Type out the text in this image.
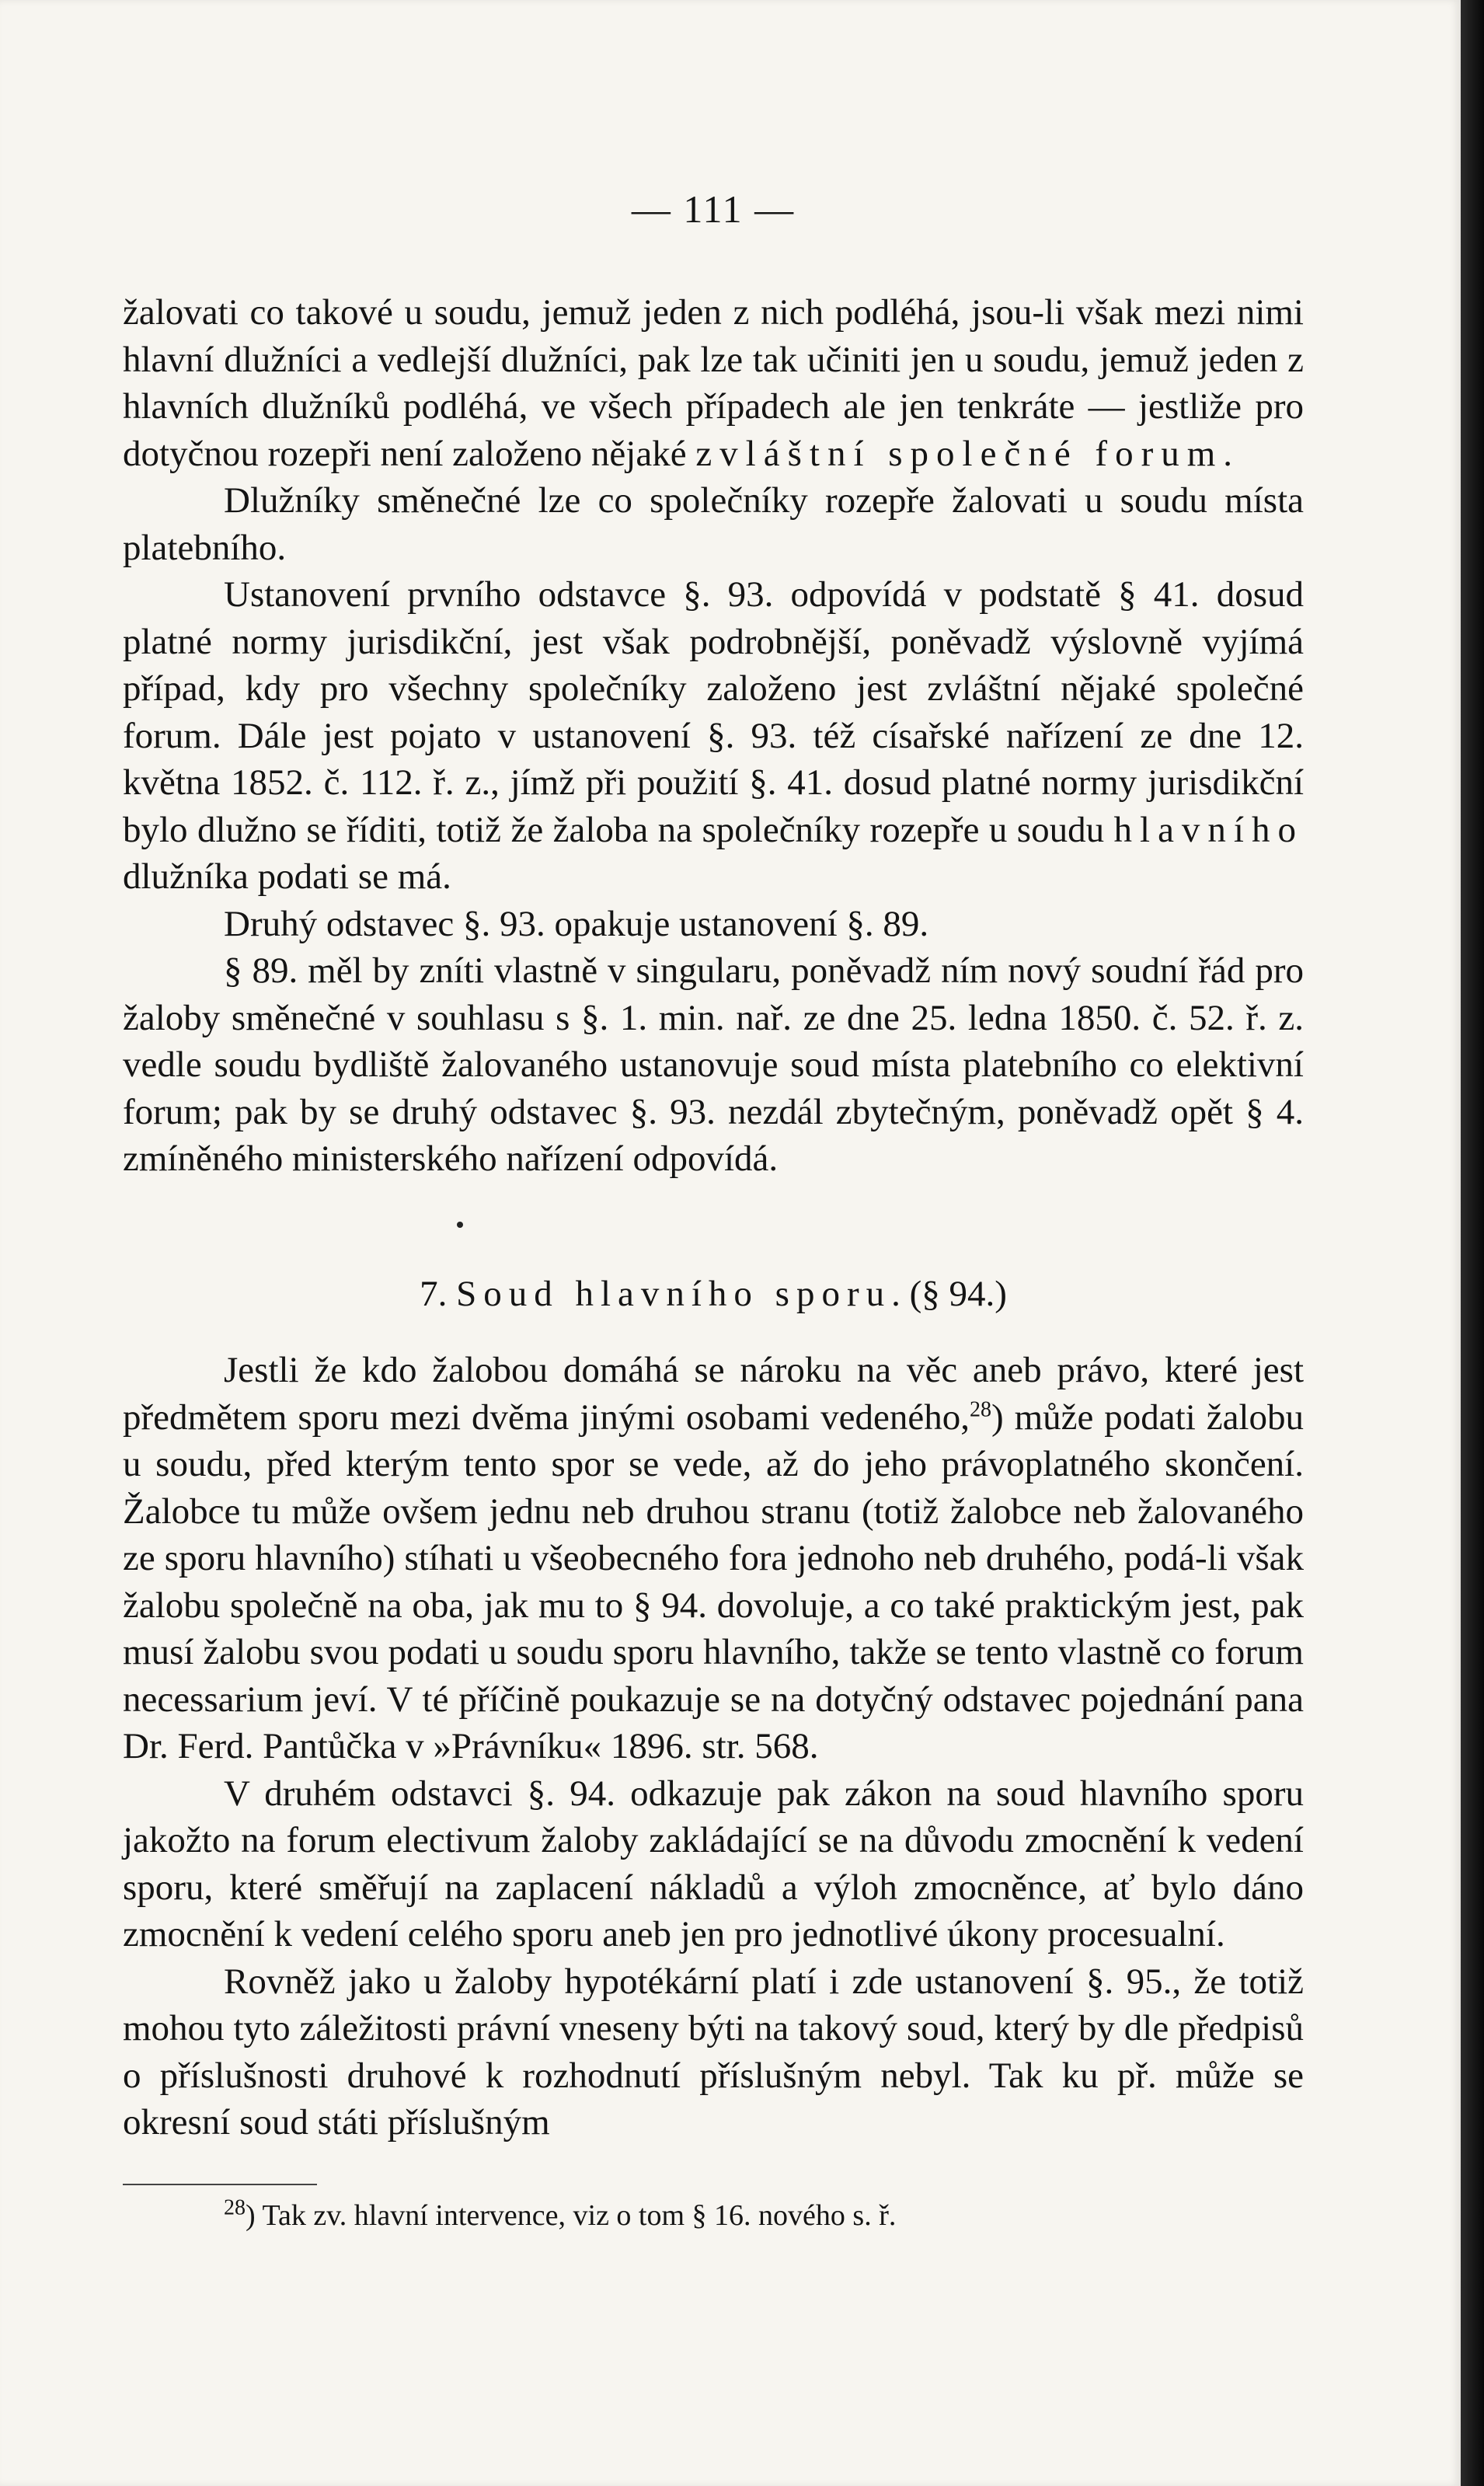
— 111 —

žalovati co takové u soudu, jemuž jeden z nich podléhá, jsou-li však mezi nimi hlavní dlužníci a vedlejší dlužníci, pak lze tak učiniti jen u soudu, jemuž jeden z hlavních dlužníků podléhá, ve všech případech ale jen tenkráte — jestliže pro dotyčnou rozepři není založeno nějaké zvláštní společné forum.

Dlužníky směnečné lze co společníky rozepře žalovati u soudu místa platebního.

Ustanovení prvního odstavce §. 93. odpovídá v podstatě § 41. dosud platné normy jurisdikční, jest však podrobnější, poněvadž výslovně vyjímá případ, kdy pro všechny společníky založeno jest zvláštní nějaké společné forum. Dále jest pojato v ustanovení §. 93. též císařské nařízení ze dne 12. května 1852. č. 112. ř. z., jímž při použití §. 41. dosud platné normy jurisdikční bylo dlužno se říditi, totiž že žaloba na společníky rozepře u soudu hlavního dlužníka podati se má.

Druhý odstavec §. 93. opakuje ustanovení §. 89.

§ 89. měl by zníti vlastně v singularu, poněvadž ním nový soudní řád pro žaloby směnečné v souhlasu s §. 1. min. nař. ze dne 25. ledna 1850. č. 52. ř. z. vedle soudu bydliště žalovaného ustanovuje soud místa platebního co elektivní forum; pak by se druhý odstavec §. 93. nezdál zbytečným, poněvadž opět § 4. zmíněného ministerského nařízení odpovídá.

7. Soud hlavního sporu. (§ 94.)

Jestli že kdo žalobou domáhá se nároku na věc aneb právo, které jest předmětem sporu mezi dvěma jinými osobami vedeného,$^{28}$) může podati žalobu u soudu, před kterým tento spor se vede, až do jeho právoplatného skončení. Žalobce tu může ovšem jednu neb druhou stranu (totiž žalobce neb žalovaného ze sporu hlavního) stíhati u všeobecného fora jednoho neb druhého, podá-li však žalobu společně na oba, jak mu to § 94. dovoluje, a co také praktickým jest, pak musí žalobu svou podati u soudu sporu hlavního, takže se tento vlastně co forum necessarium jeví. V té příčině poukazuje se na dotyčný odstavec pojednání pana Dr. Ferd. Pantůčka v »Právníku« 1896. str. 568.

V druhém odstavci §. 94. odkazuje pak zákon na soud hlavního sporu jakožto na forum electivum žaloby zakládající se na důvodu zmocnění k vedení sporu, které směřují na zaplacení nákladů a výloh zmocněnce, ať bylo dáno zmocnění k vedení celého sporu aneb jen pro jednotlivé úkony procesualní.

Rovněž jako u žaloby hypotékární platí i zde ustanovení §. 95., že totiž mohou tyto záležitosti právní vneseny býti na takový soud, který by dle předpisů o příslušnosti druhové k rozhodnutí příslušným nebyl. Tak ku př. může se okresní soud státi příslušným

$^{28}$) Tak zv. hlavní intervence, viz o tom § 16. nového s. ř.
